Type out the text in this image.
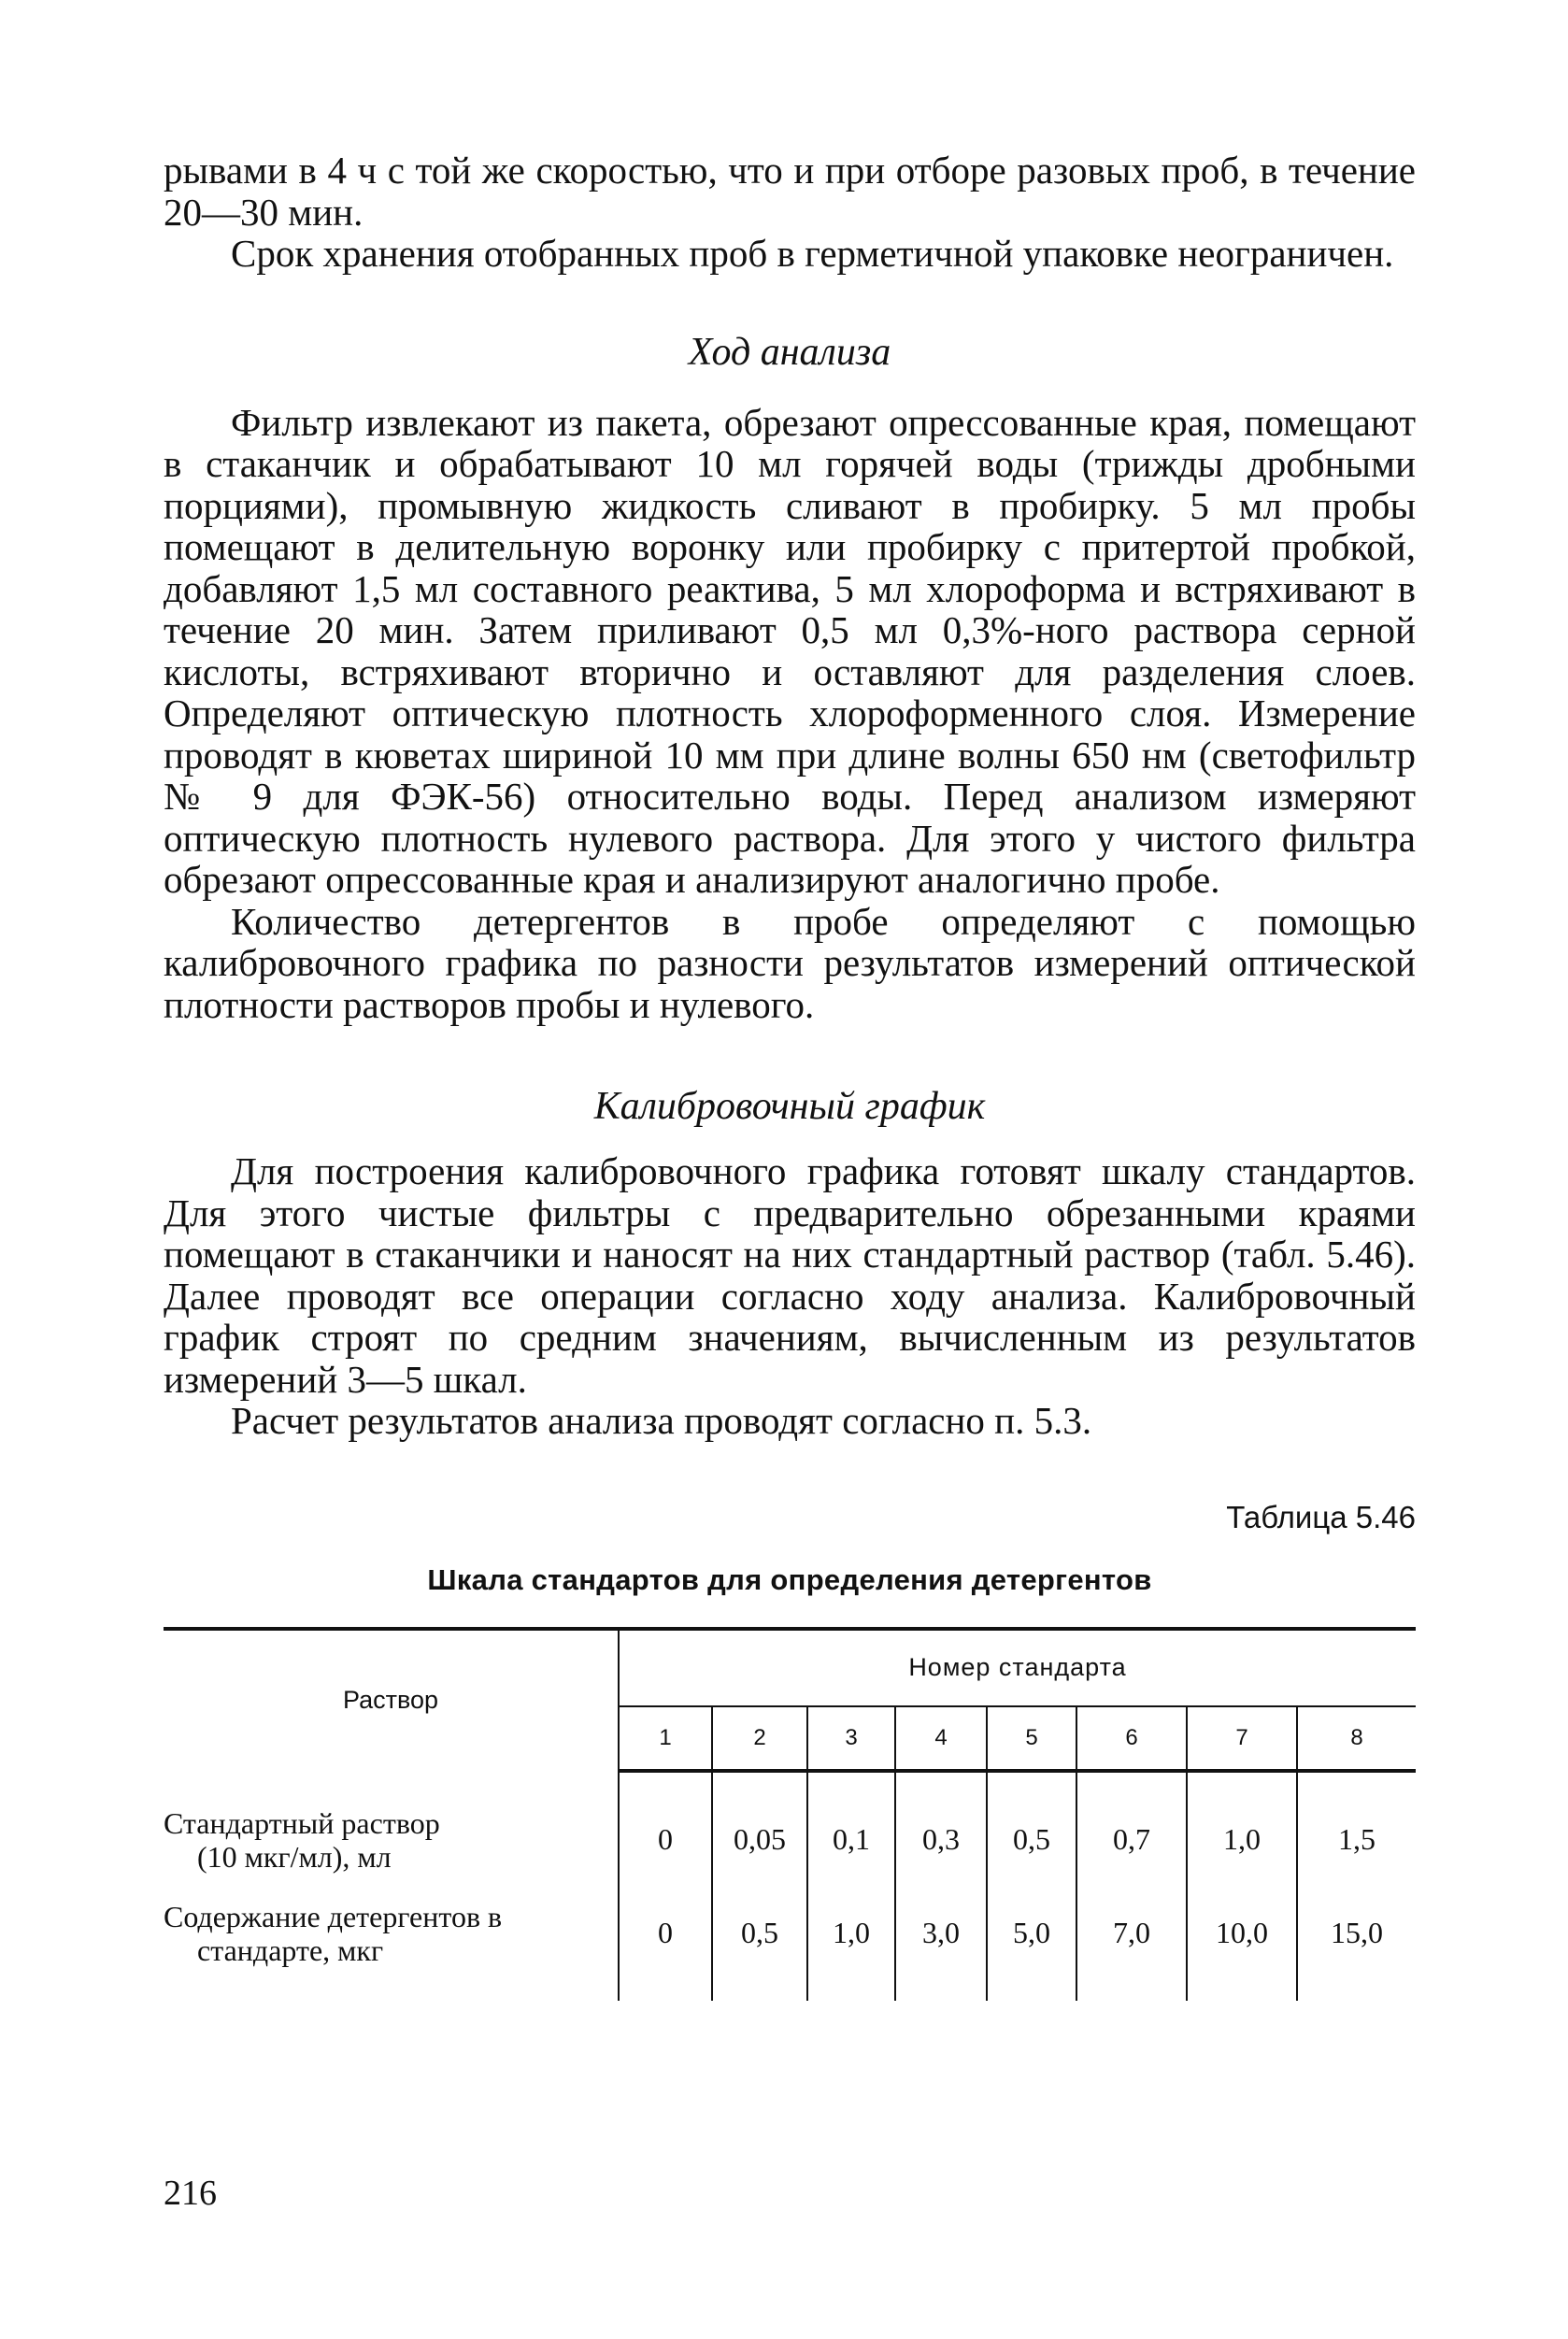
рывами в 4 ч с той же скоростью, что и при отборе разовых проб, в течение 20—30 мин.

Срок хранения отобранных проб в герметичной упаковке неограничен.

Ход анализа

Фильтр извлекают из пакета, обрезают опрессованные края, помещают в стаканчик и обрабатывают 10 мл горячей воды (трижды дробными порциями), промывную жидкость сливают в пробирку. 5 мл пробы помещают в делительную воронку или пробирку с притертой пробкой, добавляют 1,5 мл составного реактива, 5 мл хлороформа и встряхивают в течение 20 мин. Затем приливают 0,5 мл 0,3%-ного раствора серной кислоты, встряхивают вторично и оставляют для разделения слоев. Определяют оптическую плотность хлороформенного слоя. Измерение проводят в кюветах шириной 10 мм при длине волны 650 нм (светофильтр № 9 для ФЭК-56) относительно воды. Перед анализом измеряют оптическую плотность нулевого раствора. Для этого у чистого фильтра обрезают опрессованные края и анализируют аналогично пробе.

Количество детергентов в пробе определяют с помощью калибровочного графика по разности результатов измерений оптической плотности растворов пробы и нулевого.

Калибровочный график

Для построения калибровочного графика готовят шкалу стандартов. Для этого чистые фильтры с предварительно обрезанными краями помещают в стаканчики и наносят на них стандартный раствор (табл. 5.46). Далее проводят все операции согласно ходу анализа. Калибровочный график строят по средним значениям, вычисленным из результатов измерений 3—5 шкал.

Расчет результатов анализа проводят согласно п. 5.3.

Таблица 5.46
Шкала стандартов для определения детергентов
Раствор	Номер стандарта							
	1	2	3	4	5	6	7	8

Стандартный раствор
(10 мкг/мл), мл	0	0,05	0,1	0,3	0,5	0,7	1,0	1,5
Содержание детергентов в
стандарте, мкг	0	0,5	1,0	3,0	5,0	7,0	10,0	15,0

216
